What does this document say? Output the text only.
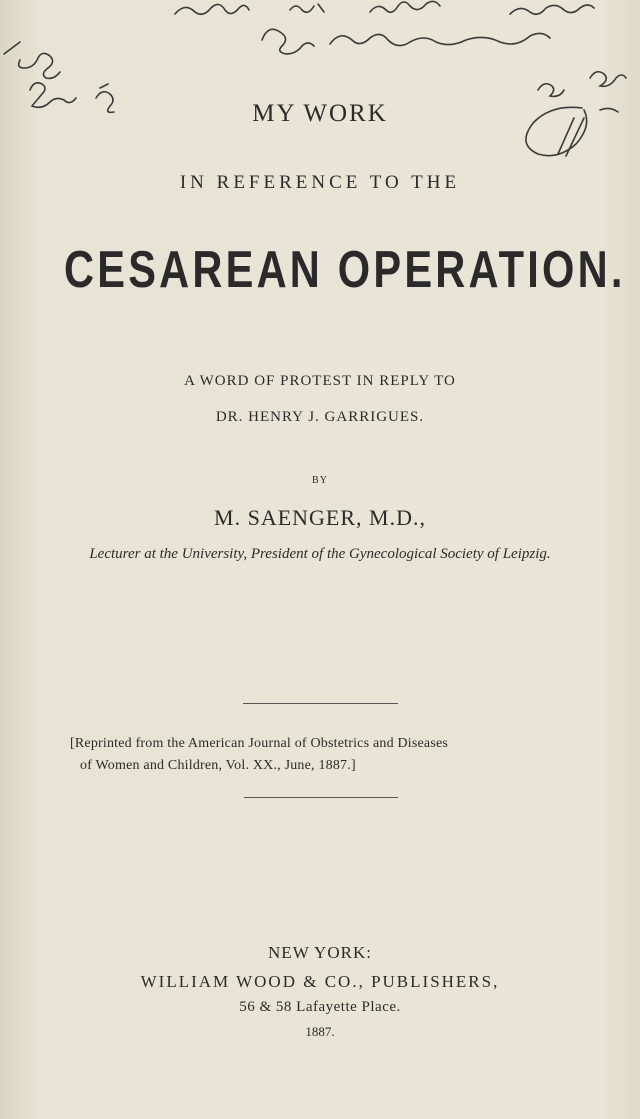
MY WORK
IN REFERENCE TO THE
CESAREAN OPERATION.
A WORD OF PROTEST IN REPLY TO
DR. HENRY J. GARRIGUES.
BY
M. SAENGER, M.D.,
Lecturer at the University, President of the Gynecological Society of Leipzig.
[Reprinted from the American Journal of Obstetrics and Diseases
of Women and Children, Vol. XX., June, 1887.]
NEW YORK:
WILLIAM WOOD & CO., PUBLISHERS,
56 & 58 Lafayette Place.
1887.
